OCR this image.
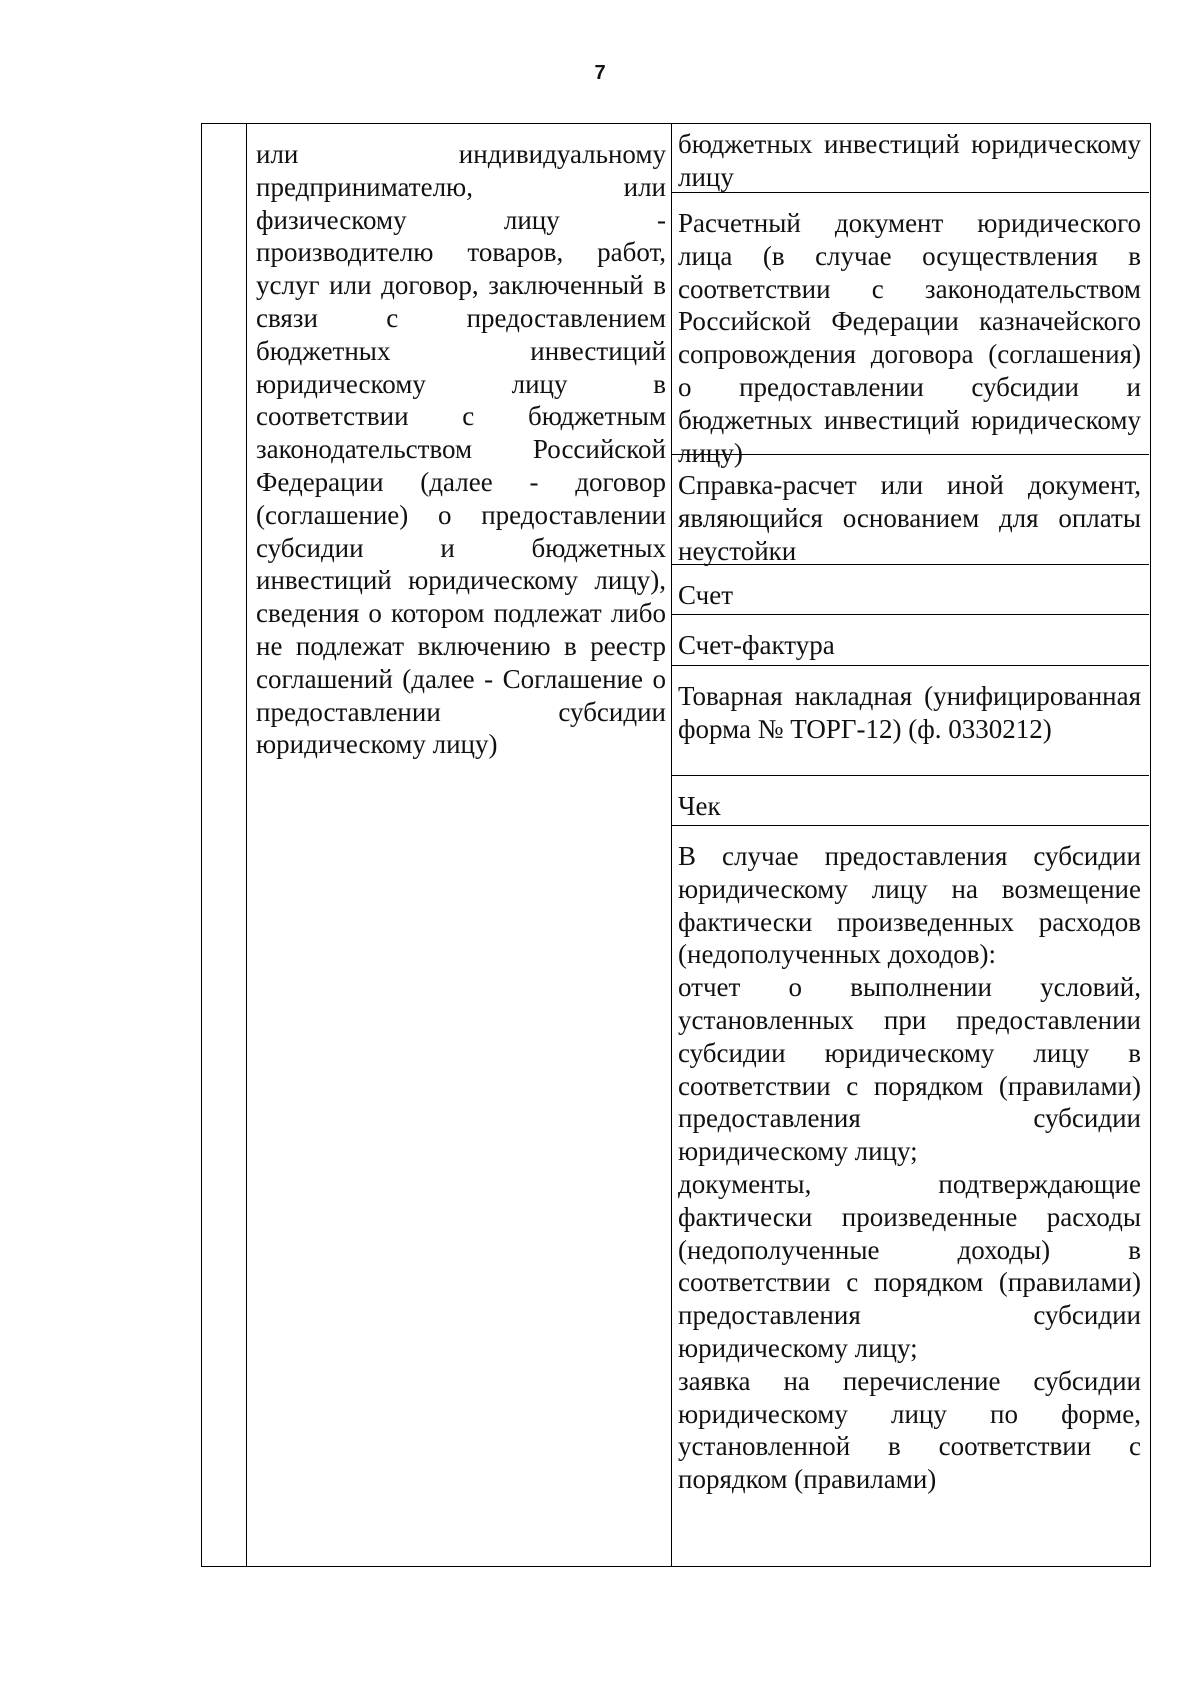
7
или индивидуальному предпринимателю, или физическому лицу - производителю товаров, работ, услуг или договор, заключенный в связи с предоставлением бюджетных инвестиций юридическому лицу в соответствии с бюджетным законодательством Российской Федерации (далее - договор (соглашение) о предоставлении субсидии и бюджетных инвестиций юридическому лицу), сведения о котором подлежат либо не подлежат включению в реестр соглашений (далее - Соглашение о предоставлении субсидии юридическому лицу)
бюджетных инвестиций юридическому лицу
Расчетный документ юридического лица (в случае осуществления в соответствии с законодательством Российской Федерации казначейского сопровождения договора (соглашения) о предоставлении субсидии и бюджетных инвестиций юридическому лицу)
Справка-расчет или иной документ, являющийся основанием для оплаты неустойки
Счет
Счет-фактура
Товарная накладная (унифицированная форма № ТОРГ-12) (ф. 0330212)
Чек

В случае предоставления субсидии юридическому лицу на возмещение фактически произведенных расходов (недополученных доходов):

отчет о выполнении условий, установленных при предоставлении субсидии юридическому лицу в соответствии с порядком (правилами) предоставления субсидии юридическому лицу;

документы, подтверждающие фактически произведенные расходы (недополученные доходы) в соответствии с порядком (правилами) предоставления субсидии юридическому лицу;

заявка на перечисление субсидии юридическому лицу по форме, установленной в соответствии с порядком (правилами)
